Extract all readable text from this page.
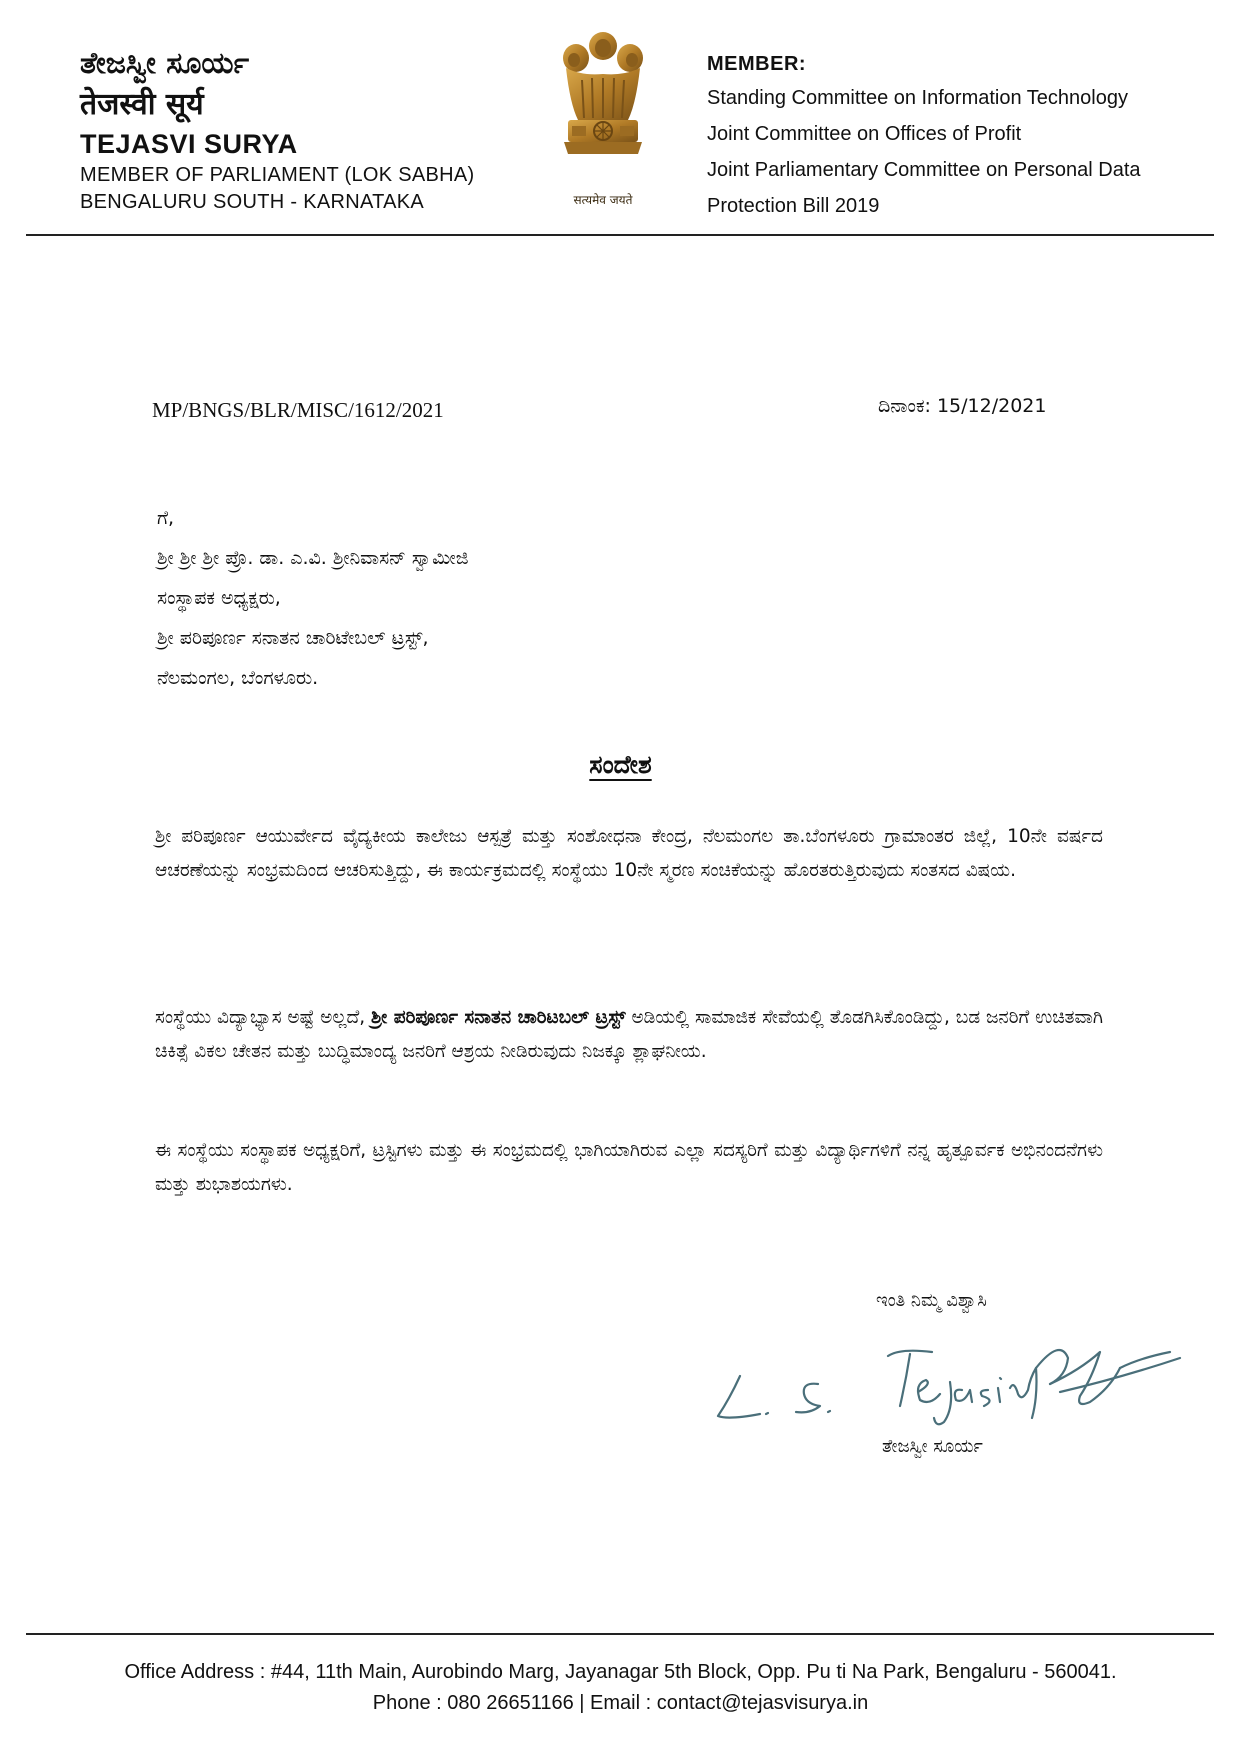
ತೇಜಸ್ವೀ ಸೂರ್ಯ
तेजस्वी सूर्य
TEJASVI SURYA
MEMBER OF PARLIAMENT (LOK SABHA)
BENGALURU SOUTH - KARNATAKA	सत्यमेव जयते
MEMBER:
Standing Committee on Information Technology
Joint Committee on Offices of Profit
Joint Parliamentary Committee on Personal Data
Protection Bill 2019
MP/BNGS/BLR/MISC/1612/2021	ದಿನಾಂಕ: 15/12/2021
ಗೆ,
ಶ್ರೀ ಶ್ರೀ ಶ್ರೀ ಪ್ರೊ. ಡಾ. ಎ.ವಿ. ಶ್ರೀನಿವಾಸನ್ ಸ್ವಾಮೀಜಿ
ಸಂಸ್ಥಾಪಕ ಅಧ್ಯಕ್ಷರು,
ಶ್ರೀ ಪರಿಪೂರ್ಣ ಸನಾತನ ಚಾರಿಟೇಬಲ್ ಟ್ರಸ್ಟ್,
ನೆಲಮಂಗಲ, ಬೆಂಗಳೂರು.
ಸಂದೇಶ
ಶ್ರೀ ಪರಿಪೂರ್ಣ ಆಯುರ್ವೇದ ವೈದ್ಯಕೀಯ ಕಾಲೇಜು ಆಸ್ಪತ್ರೆ ಮತ್ತು ಸಂಶೋಧನಾ ಕೇಂದ್ರ, ನೆಲಮಂಗಲ ತಾ.ಬೆಂಗಳೂರು ಗ್ರಾಮಾಂತರ ಜಿಲ್ಲೆ, 10ನೇ ವರ್ಷದ ಆಚರಣೆಯನ್ನು ಸಂಭ್ರಮದಿಂದ ಆಚರಿಸುತ್ತಿದ್ದು, ಈ ಕಾರ್ಯಕ್ರಮದಲ್ಲಿ ಸಂಸ್ಥೆಯು 10ನೇ ಸ್ಮರಣ ಸಂಚಿಕೆಯನ್ನು ಹೊರತರುತ್ತಿರುವುದು ಸಂತಸದ ವಿಷಯ.
ಸಂಸ್ಥೆಯು ವಿದ್ಯಾಭ್ಯಾಸ ಅಷ್ಟೆ ಅಲ್ಲದೆ, ಶ್ರೀ ಪರಿಪೂರ್ಣ ಸನಾತನ ಚಾರಿಟಬಲ್ ಟ್ರಸ್ಟ್ ಅಡಿಯಲ್ಲಿ ಸಾಮಾಜಿಕ ಸೇವೆಯಲ್ಲಿ ತೊಡಗಿಸಿಕೊಂಡಿದ್ದು, ಬಡ ಜನರಿಗೆ ಉಚಿತವಾಗಿ ಚಿಕಿತ್ಸೆ ವಿಕಲ ಚೇತನ ಮತ್ತು ಬುದ್ಧಿಮಾಂದ್ಯ ಜನರಿಗೆ ಆಶ್ರಯ ನೀಡಿರುವುದು ನಿಜಕ್ಕೂ ಶ್ಲಾಘನೀಯ.
ಈ ಸಂಸ್ಥೆಯು ಸಂಸ್ಥಾಪಕ ಅಧ್ಯಕ್ಷರಿಗೆ, ಟ್ರಸ್ಟಿಗಳು ಮತ್ತು ಈ ಸಂಭ್ರಮದಲ್ಲಿ ಭಾಗಿಯಾಗಿರುವ ಎಲ್ಲಾ ಸದಸ್ಯರಿಗೆ ಮತ್ತು ವಿದ್ಯಾರ್ಥಿಗಳಿಗೆ ನನ್ನ ಹೃತ್ಪೂರ್ವಕ ಅಭಿನಂದನೆಗಳು ಮತ್ತು ಶುಭಾಶಯಗಳು.
ಇಂತಿ ನಿಮ್ಮ ವಿಶ್ವಾಸಿ
ತೇಜಸ್ವೀ ಸೂರ್ಯ
Office Address : #44, 11th Main, Aurobindo Marg, Jayanagar 5th Block, Opp. Pu ti Na Park, Bengaluru - 560041.
Phone : 080 26651166 | Email : contact@tejasvisurya.in
